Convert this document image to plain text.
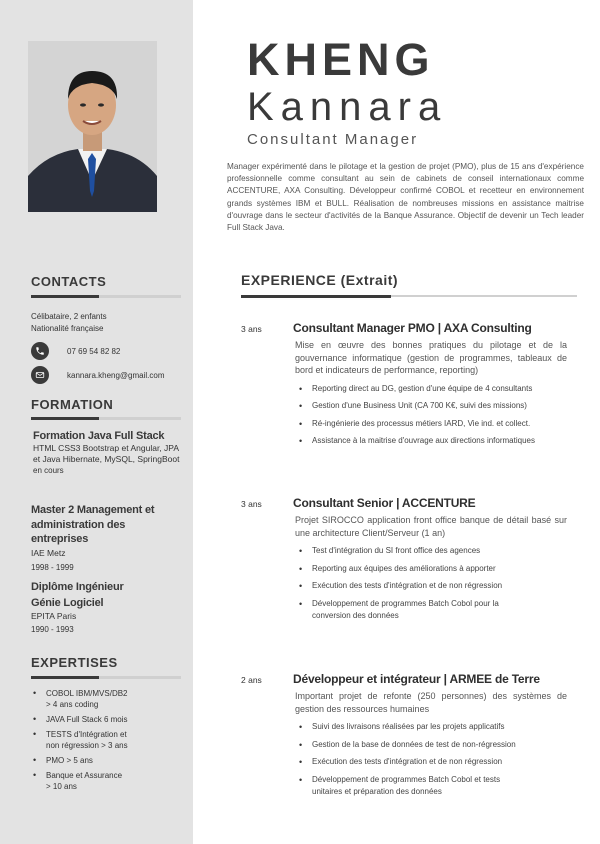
CONTACTS
Célibataire, 2 enfants
Nationalité française
07 69 54 82 82
kannara.kheng@gmail.com
FORMATION
Formation Java Full Stack
HTML CSS3 Bootstrap et Angular, JPA et Java Hibernate, MySQL, SpringBoot
en cours
Master 2 Management et administration des entreprises
IAE Metz
1998 - 1999
Diplôme Ingénieur Génie Logiciel
EPITA Paris
1990 - 1993
EXPERTISES
• COBOL IBM/MVS/DB2
> 4 ans coding
• JAVA Full Stack 6 mois
• TESTS d'Intégration et
non régression > 3 ans
• PMO > 5 ans
• Banque et Assurance
> 10 ans
KHENG
Kannara
Consultant Manager
Manager expérimenté dans le pilotage et la gestion de projet (PMO), plus de 15 ans d'expérience professionnelle comme consultant au sein de cabinets de conseil internationaux comme ACCENTURE, AXA Consulting. Développeur confirmé COBOL et recetteur en environnement grands systèmes IBM et BULL. Réalisation de nombreuses missions en assistance maitrise d'ouvrage dans le secteur d'activités de la Banque Assurance. Objectif de devenir un Tech leader Full Stack Java.
EXPERIENCE (Extrait)
3 ans	Consultant Manager PMO | AXA Consulting
Mise en œuvre des bonnes pratiques du pilotage et de la gouvernance informatique (gestion de programmes, tableaux de bord et indicateurs de performance, reporting)
• Reporting direct au DG, gestion d'une équipe de 4 consultants
• Gestion d'une Business Unit (CA 700 K€, suivi des missions)
• Ré-ingénierie des processus métiers IARD, Vie ind. et collect.
• Assistance à la maitrise d'ouvrage aux directions informatiques
3 ans	Consultant Senior | ACCENTURE
Projet SIROCCO application front office banque de détail basé sur une architecture Client/Serveur (1 an)
• Test d'intégration du SI front office des agences
• Reporting aux équipes des améliorations à apporter
• Exécution des tests d'intégration et de non régression
• Développement de programmes Batch Cobol pour la conversion des données
2 ans	Développeur et intégrateur | ARMEE de Terre
Important projet de refonte (250 personnes) des systèmes de gestion des ressources humaines
• Suivi des livraisons réalisées par les projets applicatifs
• Gestion de la base de données de test de non-régression
• Exécution des tests d'intégration et de non régression
• Développement de programmes Batch Cobol et tests unitaires et préparation des données
